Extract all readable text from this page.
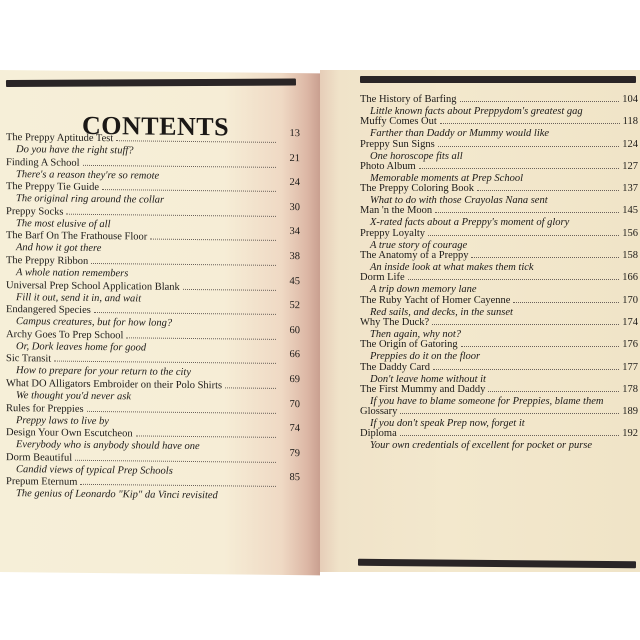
CONTENTS
The Preppy Aptitude Test	13
Do you have the right stuff?
Finding A School	21
There's a reason they're so remote
The Preppy Tie Guide	24
The original ring around the collar
Preppy Socks	30
The most elusive of all
The Barf On The Frathouse Floor	34
And how it got there
The Preppy Ribbon	38
A whole nation remembers
Universal Prep School Application Blank	45
Fill it out, send it in, and wait
Endangered Species	52
Campus creatures, but for how long?
Archy Goes To Prep School	60
Or, Dork leaves home for good
Sic Transit	66
How to prepare for your return to the city
What DO Alligators Embroider on their Polo Shirts	69
We thought you'd never ask
Rules for Preppies	70
Preppy laws to live by
Design Your Own Escutcheon	74
Everybody who is anybody should have one
Dorm Beautiful	79
Candid views of typical Prep Schools
Prepum Eternum	85
The genius of Leonardo "Kip" da Vinci revisited
The History of Barfing	104
Little known facts about Preppydom's greatest gag
Muffy Comes Out	118
Farther than Daddy or Mummy would like
Preppy Sun Signs	124
One horoscope fits all
Photo Album	127
Memorable moments at Prep School
The Preppy Coloring Book	137
What to do with those Crayolas Nana sent
Man 'n the Moon	145
X-rated facts about a Preppy's moment of glory
Preppy Loyalty	156
A true story of courage
The Anatomy of a Preppy	158
An inside look at what makes them tick
Dorm Life	166
A trip down memory lane
The Ruby Yacht of Homer Cayenne	170
Red sails, and decks, in the sunset
Why The Duck?	174
Then again, why not?
The Origin of Gatoring	176
Preppies do it on the floor
The Daddy Card	177
Don't leave home without it
The First Mummy and Daddy	178
If you have to blame someone for Preppies, blame them
Glossary	189
If you don't speak Prep now, forget it
Diploma	192
Your own credentials of excellent for pocket or purse
